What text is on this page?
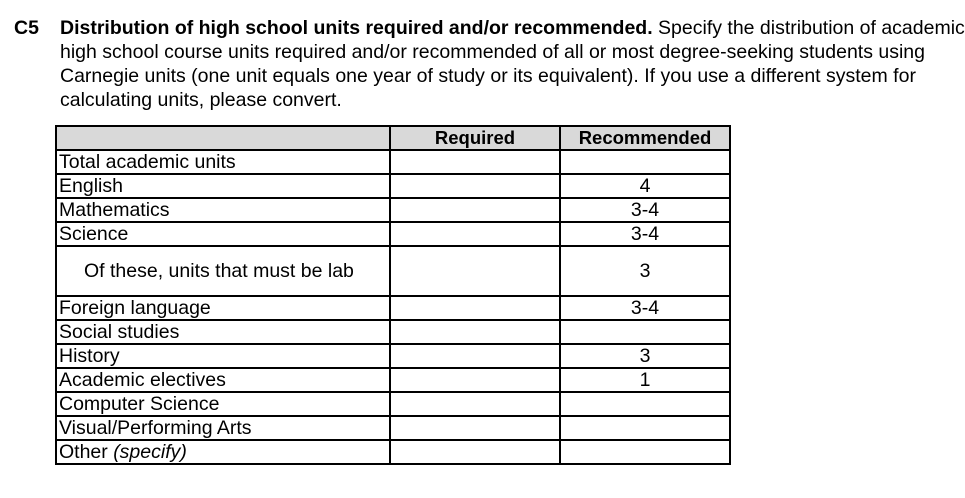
C5 Distribution of high school units required and/or recommended. Specify the distribution of academic
high school course units required and/or recommended of all or most degree-seeking students using
Carnegie units (one unit equals one year of study or its equivalent). If you use a different system for
calculating units, please convert.
	Required	Recommended
Total academic units		
English		4
Mathematics		3-4
Science		3-4
Of these, units that must be lab		3
Foreign language		3-4
Social studies		
History		3
Academic electives		1
Computer Science		
Visual/Performing Arts		
Other (specify)		
